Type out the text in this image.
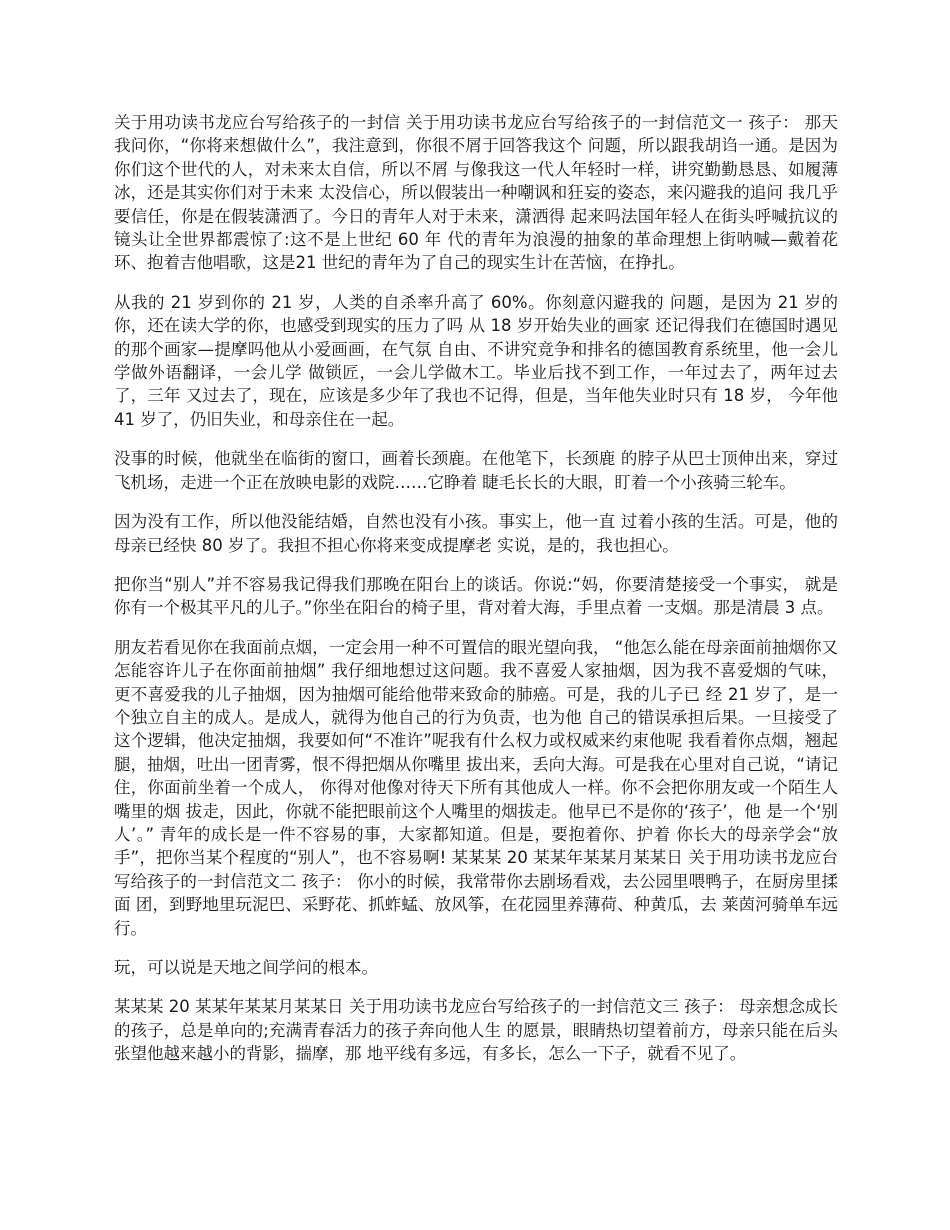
关于用功读书龙应台写给孩子的一封信 关于用功读书龙应台写给孩子的一封信范文一 孩子： 那天我问你，“你将来想做什么”，我注意到，你很不屑于回答我这个 问题，所以跟我胡诌一通。是因为你们这个世代的人，对未来太自信，所以不屑 与像我这一代人年轻时一样，讲究勤勤恳恳、如履薄冰，还是其实你们对于未来 太没信心，所以假装出一种嘲讽和狂妄的姿态，来闪避我的追问 我几乎要信任，你是在假装潇洒了。今日的青年人对于未来，潇洒得 起来吗法国年轻人在街头呼喊抗议的镜头让全世界都震惊了:这不是上世纪 60 年 代的青年为浪漫的抽象的革命理想上街呐喊—戴着花环、抱着吉他唱歌，这是21 世纪的青年为了自己的现实生计在苦恼，在挣扎。

从我的 21 岁到你的 21 岁，人类的自杀率升高了 60%。你刻意闪避我的 问题，是因为 21 岁的你，还在读大学的你，也感受到现实的压力了吗 从 18 岁开始失业的画家 还记得我们在德国时遇见的那个画家—提摩吗他从小爱画画，在气氛 自由、不讲究竞争和排名的德国教育系统里，他一会儿学做外语翻译，一会儿学 做锁匠，一会儿学做木工。毕业后找不到工作，一年过去了，两年过去了，三年 又过去了，现在，应该是多少年了我也不记得，但是，当年他失业时只有 18 岁， 今年他 41 岁了，仍旧失业，和母亲住在一起。

没事的时候，他就坐在临街的窗口，画着长颈鹿。在他笔下，长颈鹿 的脖子从巴士顶伸出来，穿过飞机场，走进一个正在放映电影的戏院……它睁着 睫毛长长的大眼，盯着一个小孩骑三轮车。

因为没有工作，所以他没能结婚，自然也没有小孩。事实上，他一直 过着小孩的生活。可是，他的母亲已经快 80 岁了。我担不担心你将来变成提摩老 实说，是的，我也担心。

把你当“别人”并不容易我记得我们那晚在阳台上的谈话。你说:“妈，你要清楚接受一个事实， 就是你有一个极其平凡的儿子。”你坐在阳台的椅子里，背对着大海，手里点着 一支烟。那是清晨 3 点。

朋友若看见你在我面前点烟，一定会用一种不可置信的眼光望向我， “他怎么能在母亲面前抽烟你又怎能容许儿子在你面前抽烟” 我仔细地想过这问题。我不喜爱人家抽烟，因为我不喜爱烟的气味， 更不喜爱我的儿子抽烟，因为抽烟可能给他带来致命的肺癌。可是，我的儿子已 经 21 岁了，是一个独立自主的成人。是成人，就得为他自己的行为负责，也为他 自己的错误承担后果。一旦接受了这个逻辑，他决定抽烟，我要如何“不准许”呢我有什么权力或权威来约束他呢 我看着你点烟，翘起腿，抽烟，吐出一团青雾，恨不得把烟从你嘴里 拔出来，丢向大海。可是我在心里对自己说，“请记住，你面前坐着一个成人， 你得对他像对待天下所有其他成人一样。你不会把你朋友或一个陌生人嘴里的烟 拔走，因此，你就不能把眼前这个人嘴里的烟拔走。他早已不是你的‘孩子’，他 是一个‘别人’。” 青年的成长是一件不容易的事，大家都知道。但是，要抱着你、护着 你长大的母亲学会“放手”，把你当某个程度的“别人”，也不容易啊! 某某某 20 某某年某某月某某日 关于用功读书龙应台写给孩子的一封信范文二 孩子： 你小的时候，我常带你去剧场看戏，去公园里喂鸭子，在厨房里揉面 团，到野地里玩泥巴、采野花、抓蚱蜢、放风筝，在花园里养薄荷、种黄瓜，去 莱茵河骑单车远行。

玩，可以说是天地之间学问的根本。

某某某 20 某某年某某月某某日 关于用功读书龙应台写给孩子的一封信范文三 孩子： 母亲想念成长的孩子，总是单向的;充满青春活力的孩子奔向他人生 的愿景，眼睛热切望着前方，母亲只能在后头张望他越来越小的背影，揣摩，那 地平线有多远，有多长，怎么一下子，就看不见了。
